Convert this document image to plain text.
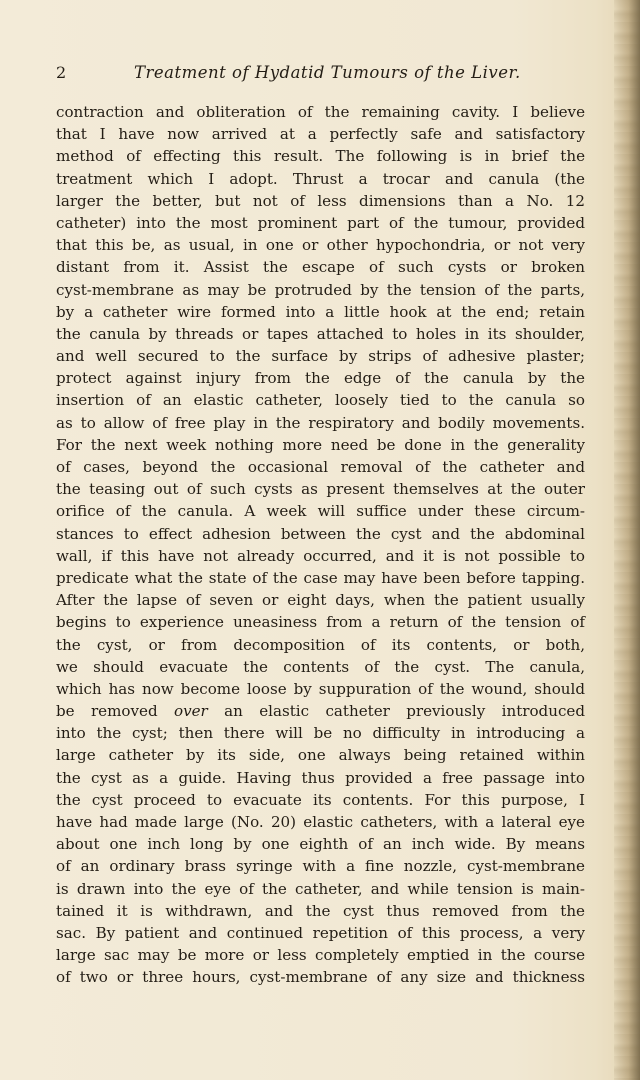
2	Treatment of Hydatid Tumours of the Liver.
contraction and obliteration of the remaining cavity. I believe
that I have now arrived at a perfectly safe and satisfactory
method of effecting this result. The following is in brief the
treatment which I adopt. Thrust a trocar and canula (the
larger the better, but not of less dimensions than a No. 12
catheter) into the most prominent part of the tumour, provided
that this be, as usual, in one or other hypochondria, or not very
distant from it. Assist the escape of such cysts or broken
cyst-membrane as may be protruded by the tension of the parts,
by a catheter wire formed into a little hook at the end; retain
the canula by threads or tapes attached to holes in its shoulder,
and well secured to the surface by strips of adhesive plaster;
protect against injury from the edge of the canula by the
insertion of an elastic catheter, loosely tied to the canula so
as to allow of free play in the respiratory and bodily movements.
For the next week nothing more need be done in the generality
of cases, beyond the occasional removal of the catheter and
the teasing out of such cysts as present themselves at the outer
orifice of the canula. A week will suffice under these circum-
stances to effect adhesion between the cyst and the abdominal
wall, if this have not already occurred, and it is not possible to
predicate what the state of the case may have been before tapping.
After the lapse of seven or eight days, when the patient usually
begins to experience uneasiness from a return of the tension of
the cyst, or from decomposition of its contents, or both,
we should evacuate the contents of the cyst. The canula,
which has now become loose by suppuration of the wound, should
be removed over an elastic catheter previously introduced
into the cyst; then there will be no difficulty in introducing a
large catheter by its side, one always being retained within
the cyst as a guide. Having thus provided a free passage into
the cyst proceed to evacuate its contents. For this purpose, I
have had made large (No. 20) elastic catheters, with a lateral eye
about one inch long by one eighth of an inch wide. By means
of an ordinary brass syringe with a fine nozzle, cyst-membrane
is drawn into the eye of the catheter, and while tension is main-
tained it is withdrawn, and the cyst thus removed from the
sac. By patient and continued repetition of this process, a very
large sac may be more or less completely emptied in the course
of two or three hours, cyst-membrane of any size and thickness
